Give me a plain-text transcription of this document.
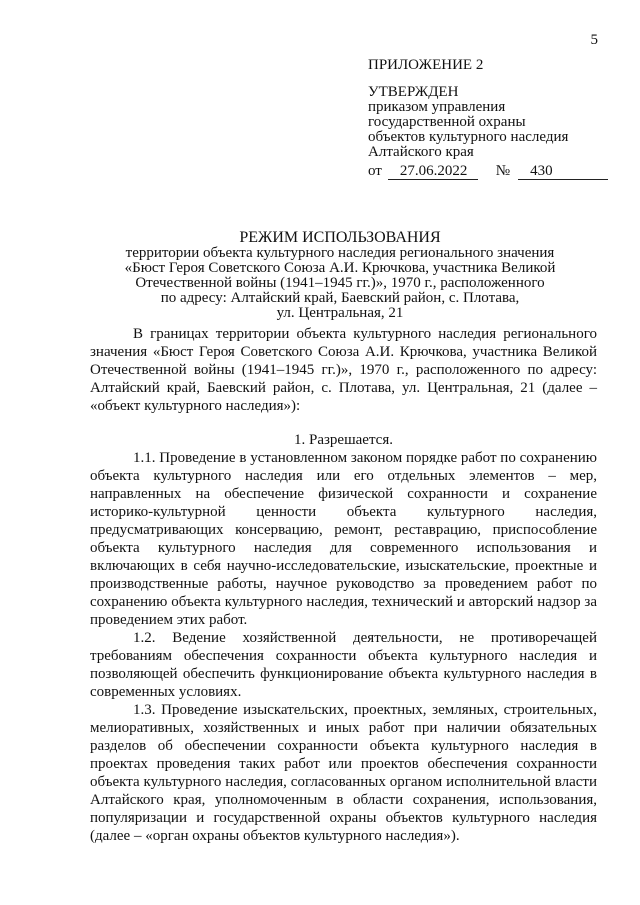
5
ПРИЛОЖЕНИЕ 2
УТВЕРЖДЕН
приказом управления
государственной охраны
объектов культурного наследия
Алтайского края
от	27.06.2022	№	430
РЕЖИМ ИСПОЛЬЗОВАНИЯ
территории объекта культурного наследия регионального значения
«Бюст Героя Советского Союза А.И. Крючкова, участника Великой
Отечественной войны (1941–1945 гг.)», 1970 г., расположенного
по адресу: Алтайский край, Баевский район, с. Плотава,
ул. Центральная, 21

В границах территории объекта культурного наследия регионального значения «Бюст Героя Советского Союза А.И. Крючкова, участника Великой Отечественной войны (1941–1945 гг.)», 1970 г., расположенного по адресу: Алтайский край, Баевский район, с. Плотава, ул. Центральная, 21 (далее – «объект культурного наследия»):

1. Разрешается.

1.1. Проведение в установленном законом порядке работ по сохранению объекта культурного наследия или его отдельных элементов – мер, направленных на обеспечение физической сохранности и сохранение историко-культурной ценности объекта культурного наследия, предусматривающих консервацию, ремонт, реставрацию, приспособление объекта культурного наследия для современного использования и включающих в себя научно-исследовательские, изыскательские, проектные и производственные работы, научное руководство за проведением работ по сохранению объекта культурного наследия, технический и авторский надзор за проведением этих работ.

1.2. Ведение хозяйственной деятельности, не противоречащей требованиям обеспечения сохранности объекта культурного наследия и позволяющей обеспечить функционирование объекта культурного наследия в современных условиях.

1.3. Проведение изыскательских, проектных, земляных, строительных, мелиоративных, хозяйственных и иных работ при наличии обязательных разделов об обеспечении сохранности объекта культурного наследия в проектах проведения таких работ или проектов обеспечения сохранности объекта культурного наследия, согласованных органом исполнительной власти Алтайского края, уполномоченным в области сохранения, использования, популяризации и государственной охраны объектов культурного наследия (далее – «орган охраны объектов культурного наследия»).
